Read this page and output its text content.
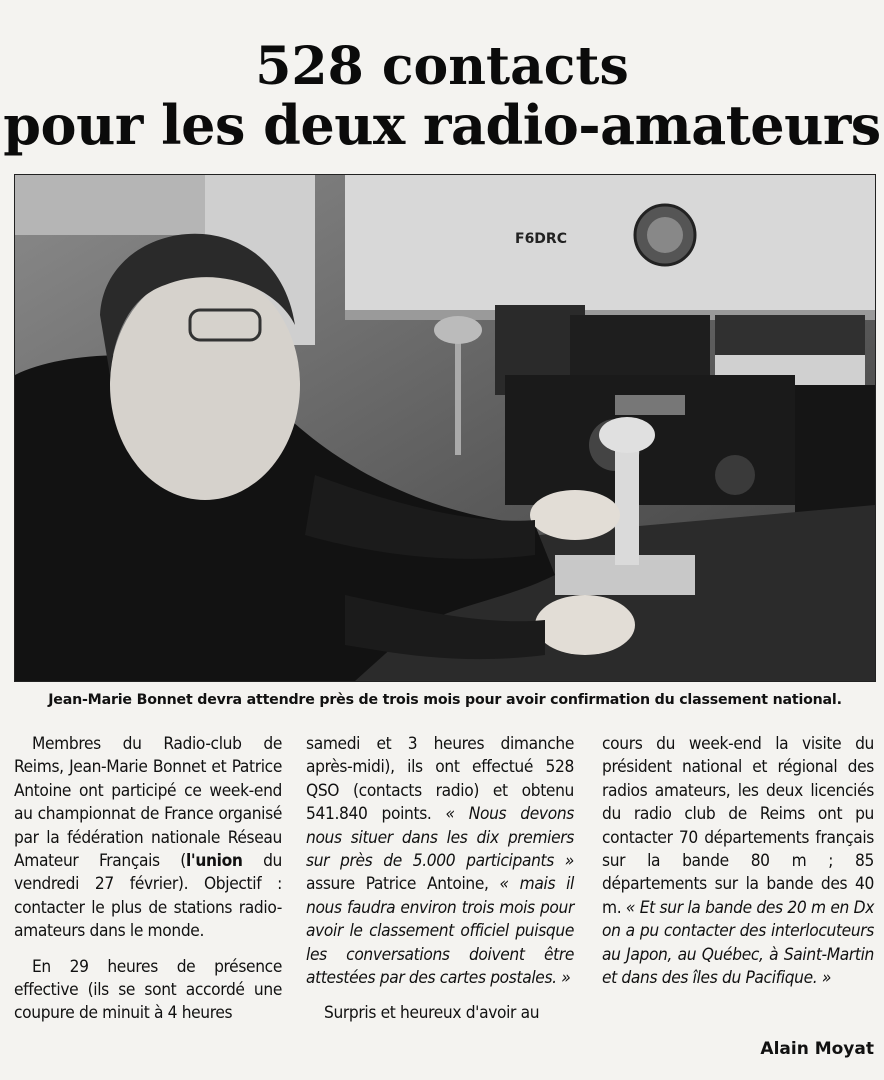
528 contacts
pour les deux radio-amateurs
F6DRC
Jean-Marie Bonnet devra attendre près de trois mois pour avoir confirmation du classement national.

Membres du Radio-club de Reims, Jean-Marie Bonnet et Patrice Antoine ont participé ce week-end au championnat de France organisé par la fédération nationale Réseau Amateur Français (l'union du vendredi 27 février). Objectif : contacter le plus de stations radio-amateurs dans le monde.

En 29 heures de présence effective (ils se sont accordé une coupure de minuit à 4 heures

samedi et 3 heures dimanche après-midi), ils ont effectué 528 QSO (contacts radio) et obtenu 541.840 points. « Nous devons nous situer dans les dix premiers sur près de 5.000 participants » assure Patrice Antoine, « mais il nous faudra environ trois mois pour avoir le classement officiel puisque les conversations doivent être attestées par des cartes postales. »

Surpris et heureux d'avoir au

cours du week-end la visite du président national et régional des radios amateurs, les deux licenciés du radio club de Reims ont pu contacter 70 départements français sur la bande 80 m ; 85 départements sur la bande des 40 m. « Et sur la bande des 20 m en Dx on a pu contacter des interlocuteurs au Japon, au Québec, à Saint-Martin et dans des îles du Pacifique. »

Alain Moyat
